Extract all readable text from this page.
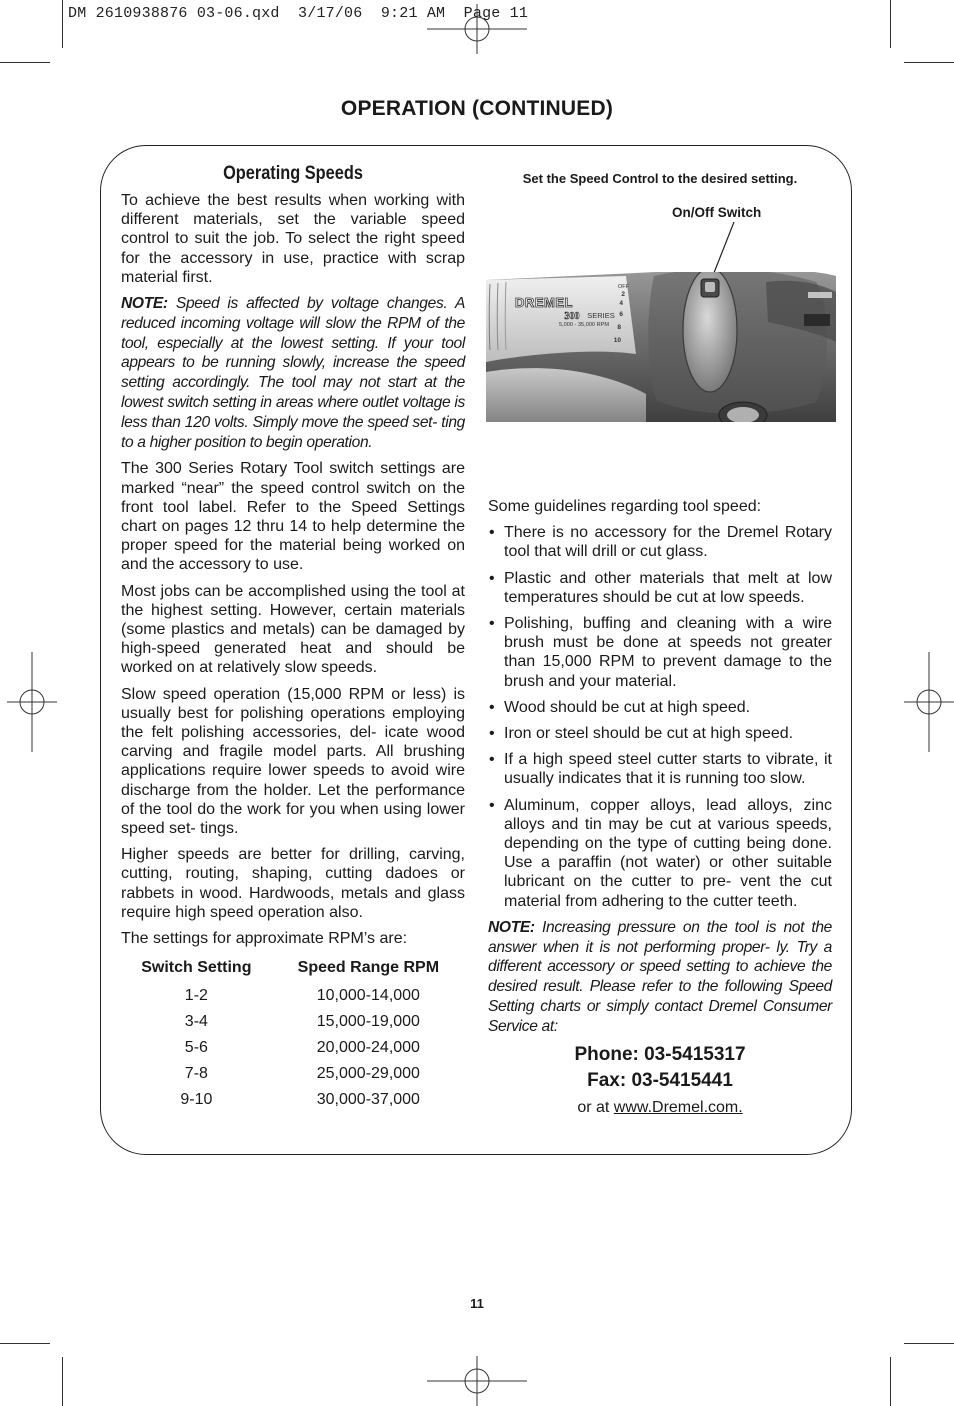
DM 2610938876 03-06.qxd  3/17/06  9:21 AM  Page 11
OPERATION (CONTINUED)
Operating Speeds

To achieve the best results when working with different materials, set the variable speed control to suit the job. To select the right speed for the accessory in use, practice with scrap material first.

NOTE: Speed is affected by voltage changes. A reduced incoming voltage will slow the RPM of the tool, especially at the lowest setting. If your tool appears to be running slowly, increase the speed setting accordingly. The tool may not start at the lowest switch setting in areas where outlet voltage is less than 120 volts. Simply move the speed set- ting to a higher position to begin operation.

The 300 Series Rotary Tool switch settings are marked “near” the speed control switch on the front tool label. Refer to the Speed Settings chart on pages 12 thru 14 to help determine the proper speed for the material being worked on and the accessory to use.

Most jobs can be accomplished using the tool at the highest setting. However, certain materials (some plastics and metals) can be damaged by high-speed generated heat and should be worked on at relatively slow speeds.

Slow speed operation (15,000 RPM or less) is usually best for polishing operations employing the felt polishing accessories, del- icate wood carving and fragile model parts. All brushing applications require lower speeds to avoid wire discharge from the holder. Let the performance of the tool do the work for you when using lower speed set- tings.

Higher speeds are better for drilling, carving, cutting, routing, shaping, cutting dadoes or rabbets in wood. Hardwoods, metals and glass require high speed operation also.

The settings for approximate RPM’s are:

Switch Setting	Speed Range RPM
1-2	10,000-14,000
3-4	15,000-19,000
5-6	20,000-24,000
7-8	25,000-29,000
9-10	30,000-37,000
Set the Speed Control to the desired setting.
On/Off Switch
DREMEL
300 SERIES
5,000 - 35,000 RPM
OFF
2
4
6
8
10

Some guidelines regarding tool speed:

• There is no accessory for the Dremel Rotary tool that will drill or cut glass.
• Plastic and other materials that melt at low temperatures should be cut at low speeds.
• Polishing, buffing and cleaning with a wire brush must be done at speeds not greater than 15,000 RPM to prevent damage to the brush and your material.
• Wood should be cut at high speed.
• Iron or steel should be cut at high speed.
• If a high speed steel cutter starts to vibrate, it usually indicates that it is running too slow.
• Aluminum, copper alloys, lead alloys, zinc alloys and tin may be cut at various speeds, depending on the type of cutting being done. Use a paraffin (not water) or other suitable lubricant on the cutter to pre- vent the cut material from adhering to the cutter teeth.

NOTE: Increasing pressure on the tool is not the answer when it is not performing proper- ly. Try a different accessory or speed setting to achieve the desired result. Please refer to the following Speed Setting charts or simply contact Dremel Consumer Service at:

Phone: 03-5415317
Fax: 03-5415441
or at www.Dremel.com.
11
